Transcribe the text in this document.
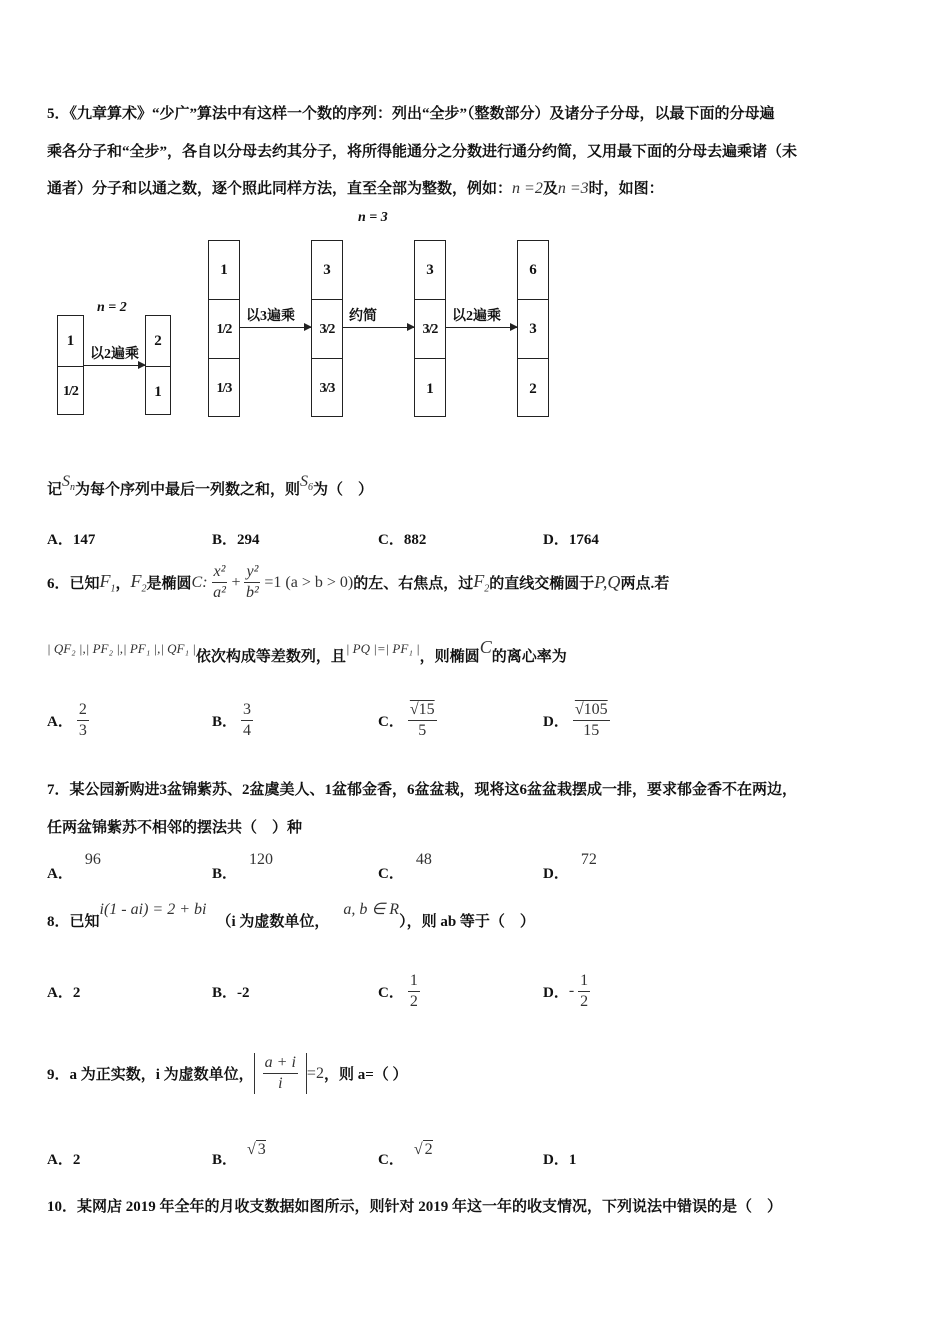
5．《九章算术》“少广”算法中有这样一个数的序列：列出“全步”（整数部分）及诸分子分母，以最下面的分母遍
乘各分子和“全步”，各自以分母去约其分子，将所得能通分之分数进行通分约简，又用最下面的分母去遍乘诸（未
通者）分子和以通之数，逐个照此同样方法，直至全部为整数，例如：n =2及n =3时，如图：
n = 2
n = 3
1
1/2
以2遍乘
2
1
1
1/2
1/3
以3遍乘
3
3/2
3/3
约简
3
3/2
1
以2遍乘
6
3
2
记$S_n$为每个序列中最后一列数之和，则$S_6$为（　）
A．147	B．294	C．882	D．1764
6．已知 $F_1$ ， $F_2$ 是椭圆 C: $\frac{\text{x²}}{\text{a²}} + \frac{\text{y²}}{\text{b²}} =1$ (a > b > 0) 的左、右焦点，过 $F_2$ 的直线交椭圆于 P,Q 两点.若
| QF₂ |,| PF₂ |,| PF₁ |,| QF₁ |依次构成等差数列，且| PQ |=| PF₁ |，则椭圆C的离心率为
A． $\frac{2}{3}$	B． $\frac{3}{4}$	C． $\frac{√15}{5}$	D． $\frac{√105}{15}$
7．某公园新购进3盆锦紫苏、2盆虞美人、1盆郁金香，6盆盆栽，现将这6盆盆栽摆成一排，要求郁金香不在两边，
任两盆锦紫苏不相邻的摆法共（　）种
A．96
B．120
C．48
D．72
8．已知i(1 - ai) = 2 + bi（i 为虚数单位，a, b ∈ R），则 ab 等于（　）
A．2	B．-2	C． $\frac{1}{2}$	D． - $\frac{1}{2}$
9．a 为正实数，i 为虚数单位， $\frac{a + i}{i} =2$ ，则 a=（ ）
A．2	B．√ 3
C．√ 2
D．1
10．某网店 2019 年全年的月收支数据如图所示，则针对 2019 年这一年的收支情况，下列说法中错误的是（　）
